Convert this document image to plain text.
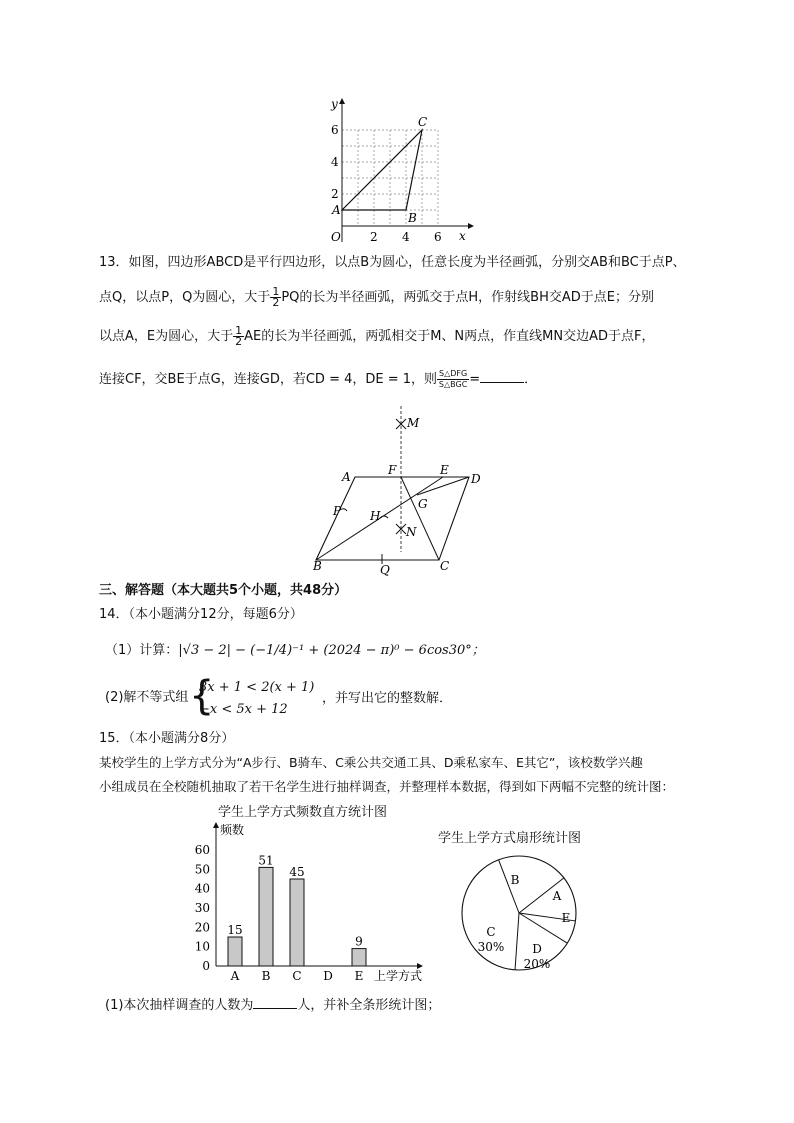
y
x
O 2 4 6
2
4
6
A
B
C
13．如图，四边形ABCD是平行四边形，以点B为圆心，任意长度为半径画弧，分别交AB和BC于点P、
点Q，以点P，Q为圆心，大于 $\frac{1}{2}$ PQ的长为半径画弧，两弧交于点H，作射线BH交AD于点E；分别
以点A，E为圆心，大于 $\frac{1}{2}$ AE的长为半径画弧，两弧相交于M、N两点，作直线MN交边AD于点F，
连接CF，交BE于点G，连接GD，若CD = 4，DE = 1，则 $\frac{\text{S△DFG}}{\text{S△BGC}}$ =	．
M
A	F	E
D
G
P H
N
B	Q	C
三、解答题（本大题共5个小题，共48分）
14．（本小题满分12分，每题6分）
（1）计算：|√3 − 2| − (−1/4)⁻¹ + (2024 − π)⁰ − 6cos30°；
(2)解不等式组 {
3x + 1 < 2(x + 1)
−x < 5x + 12
，并写出它的整数解．
15．（本小题满分8分）
某校学生的上学方式分为“A步行、B骑车、C乘公共交通工具、D乘私家车、E其它”，该校数学兴趣
小组成员在全校随机抽取了若干名学生进行抽样调查，并整理样本数据，得到如下两幅不完整的统计图：
学生上学方式频数直方统计图
频数
上学方式
0
10
20
30
40
50
60
A
15
B
51
C
45
D E
9
学生上学方式扇形统计图
A
B
C
30% D
20%
E
(1)本次抽样调查的人数为	人，并补全条形统计图；
